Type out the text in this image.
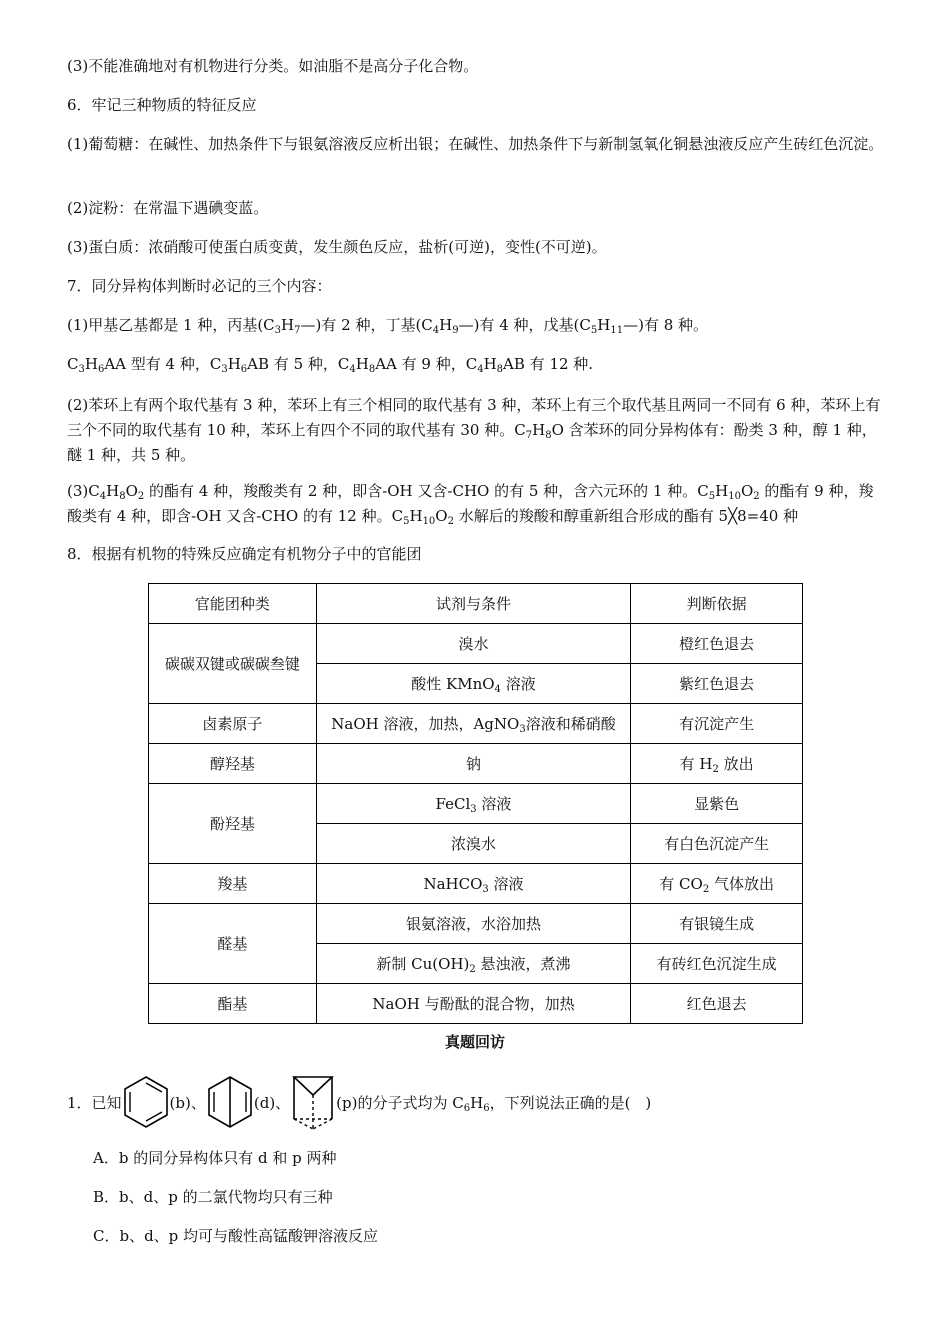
(3)不能准确地对有机物进行分类。如油脂不是高分子化合物。
6．牢记三种物质的特征反应
(1)葡萄糖：在碱性、加热条件下与银氨溶液反应析出银；在碱性、加热条件下与新制氢氧化铜悬浊液反应产生砖红色沉淀。
(2)淀粉：在常温下遇碘变蓝。
(3)蛋白质：浓硝酸可使蛋白质变黄，发生颜色反应，盐析(可逆)，变性(不可逆)。
7．同分异构体判断时必记的三个内容：
(1)甲基乙基都是 1 种，丙基$(C_3H_7—)$有 2 种，丁基$(C_4H_9—)$有 4 种，戊基$(C_5H_{11}—)$有 8 种。
$C_3H_6AA$ 型有 4 种，$C_3H_6AB$ 有 5 种，$C_4H_8AA$ 有 9 种，$C_4H_8AB$ 有 12 种.
(2)苯环上有两个取代基有 3 种，苯环上有三个相同的取代基有 3 种，苯环上有三个取代基且两同一不同有 6 种，苯环上有三个不同的取代基有 10 种，苯环上有四个不同的取代基有 30 种。$C_7H_8O$ 含苯环的同分异构体有：酚类 3 种，醇 1 种，醚 1 种，共 5 种。
$(3)C_4H_8O_2$ 的酯有 4 种，羧酸类有 2 种，即含-OH 又含-CHO 的有 5 种，含六元环的 1 种。$C_5H_{10}O_2$ 的酯有 9 种，羧酸类有 4 种，即含-OH 又含-CHO 的有 12 种。$C_5H_{10}O_2$ 水解后的羧酸和醇重新组合形成的酯有 5╳8=40 种
8．根据有机物的特殊反应确定有机物分子中的官能团
官能团种类	试剂与条件	判断依据
碳碳双键或碳碳叁键	溴水	橙红色退去
	酸性 KMnO$_4$ 溶液	紫红色退去
卤素原子	NaOH 溶液，加热，AgNO$_3$溶液和稀硝酸	有沉淀产生
醇羟基	钠	有 $H_2$ 放出
酚羟基	FeCl$_3$ 溶液	显紫色
	浓溴水	有白色沉淀产生
羧基	NaHCO$_3$ 溶液	有 $CO_2$ 气体放出
醛基	银氨溶液，水浴加热	有银镜生成
	新制 $Cu(OH)_2$ 悬浊液，煮沸	有砖红色沉淀生成
酯基	NaOH 与酚酞的混合物，加热	红色退去
真题回访
1．已知	(b)、	(d)、	(p)的分子式均为 $C_6H_6$，下列说法正确的是(　)
A．b 的同分异构体只有 d 和 p 两种
B．b、d、p 的二氯代物均只有三种
C．b、d、p 均可与酸性高锰酸钾溶液反应
